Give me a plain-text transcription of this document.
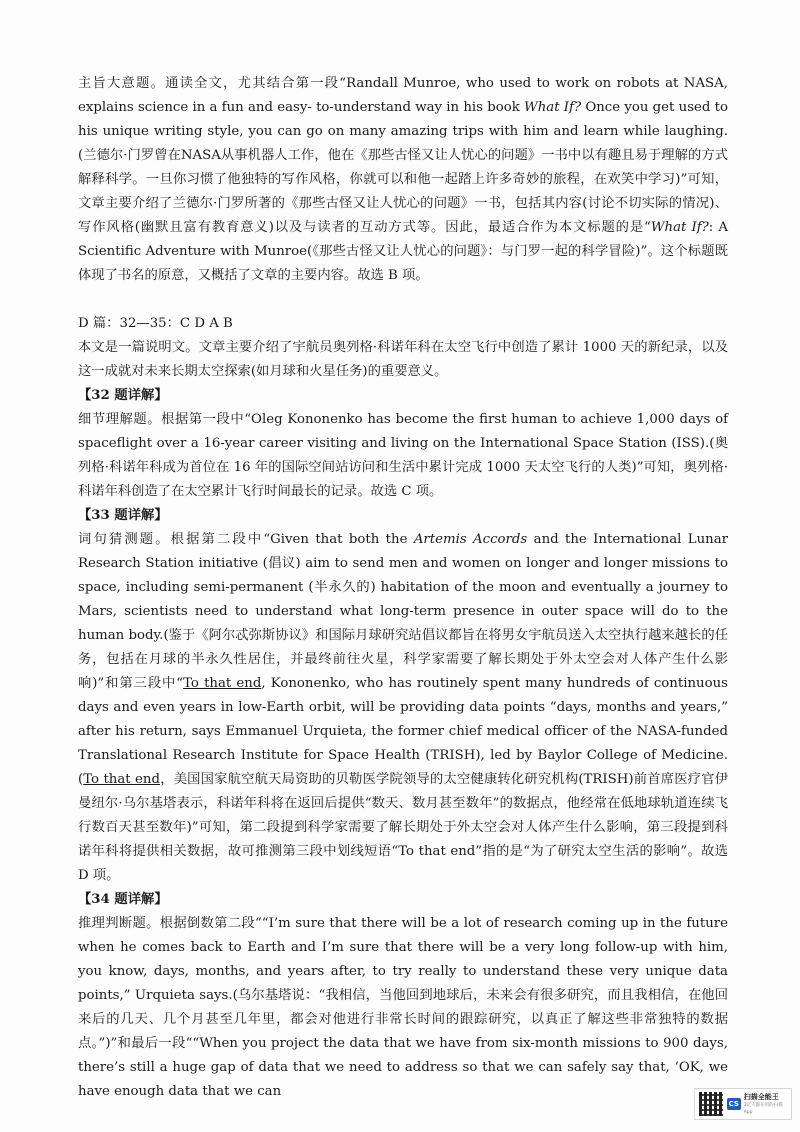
主旨大意题。通读全文，尤其结合第一段“Randall Munroe, who used to work on robots at NASA, explains science in a fun and easy- to-understand way in his book What If? Once you get used to his unique writing style, you can go on many amazing trips with him and learn while laughing.(兰德尔·门罗曾在NASA从事机器人工作，他在《那些古怪又让人忧心的问题》一书中以有趣且易于理解的方式解释科学。一旦你习惯了他独特的写作风格，你就可以和他一起踏上许多奇妙的旅程，在欢笑中学习)”可知，文章主要介绍了兰德尔·门罗所著的《那些古怪又让人忧心的问题》一书，包括其内容(讨论不切实际的情况)、写作风格(幽默且富有教育意义)以及与读者的互动方式等。因此，最适合作为本文标题的是“What If?: A Scientific Adventure with Munroe(《那些古怪又让人忧心的问题》：与门罗一起的科学冒险)”。这个标题既体现了书名的原意，又概括了文章的主要内容。故选 B 项。

D 篇：32—35：C D A B

本文是一篇说明文。文章主要介绍了宇航员奥列格·科诺年科在太空飞行中创造了累计 1000 天的新纪录，以及这一成就对未来长期太空探索(如月球和火星任务)的重要意义。

【32 题详解】

细节理解题。根据第一段中“Oleg Kononenko has become the first human to achieve 1,000 days of spaceflight over a 16-year career visiting and living on the International Space Station (ISS).(奥列格·科诺年科成为首位在 16 年的国际空间站访问和生活中累计完成 1000 天太空飞行的人类)”可知，奥列格·科诺年科创造了在太空累计飞行时间最长的记录。故选 C 项。

【33 题详解】

词句猜测题。根据第二段中“Given that both the Artemis Accords and the International Lunar Research Station initiative (倡议) aim to send men and women on longer and longer missions to space, including semi-permanent (半永久的) habitation of the moon and eventually a journey to Mars, scientists need to understand what long-term presence in outer space will do to the human body.(鉴于《阿尔忒弥斯协议》和国际月球研究站倡议都旨在将男女宇航员送入太空执行越来越长的任务，包括在月球的半永久性居住，并最终前往火星，科学家需要了解长期处于外太空会对人体产生什么影响)”和第三段中“To that end, Kononenko, who has routinely spent many hundreds of continuous days and even years in low-Earth orbit, will be providing data points “days, months and years,” after his return, says Emmanuel Urquieta, the former chief medical officer of the NASA-funded Translational Research Institute for Space Health (TRISH), led by Baylor College of Medicine.(To that end，美国国家航空航天局资助的贝勒医学院领导的太空健康转化研究机构(TRISH)前首席医疗官伊曼纽尔·乌尔基塔表示，科诺年科将在返回后提供“数天、数月甚至数年”的数据点，他经常在低地球轨道连续飞行数百天甚至数年)”可知，第二段提到科学家需要了解长期处于外太空会对人体产生什么影响，第三段提到科诺年科将提供相关数据，故可推测第三段中划线短语“To that end”指的是“为了研究太空生活的影响”。故选 D 项。

【34 题详解】

推理判断题。根据倒数第二段““I’m sure that there will be a lot of research coming up in the future when he comes back to Earth and I’m sure that there will be a very long follow-up with him, you know, days, months, and years after, to try really to understand these very unique data points,” Urquieta says.(乌尔基塔说：“我相信，当他回到地球后，未来会有很多研究，而且我相信，在他回来后的几天、几个月甚至几年里，都会对他进行非常长时间的跟踪研究，以真正了解这些非常独特的数据点。”)”和最后一段““When you project the data that we have from six-month missions to 900 days, there’s still a huge gap of data that we need to address so that we can safely say that, ‘OK, we have enough data that we can

CS
扫描全能王
3亿人都在用的扫描App
